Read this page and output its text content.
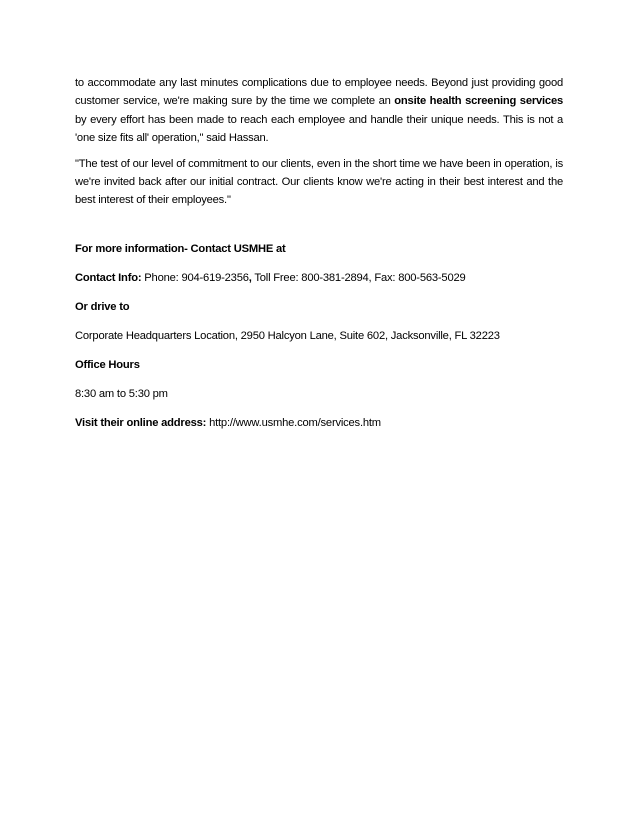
to accommodate any last minutes complications due to employee needs. Beyond just providing good customer service, we're making sure by the time we complete an onsite health screening services by every effort has been made to reach each employee and handle their unique needs. This is not a 'one size fits all' operation," said Hassan.

"The test of our level of commitment to our clients, even in the short time we have been in operation, is we're invited back after our initial contract. Our clients know we're acting in their best interest and the best interest of their employees."

For more information- Contact USMHE at

Contact Info: Phone: 904-619-2356, Toll Free: 800-381-2894, Fax: 800-563-5029

Or drive to

Corporate Headquarters Location, 2950 Halcyon Lane, Suite 602, Jacksonville, FL 32223

Office Hours

8:30 am to 5:30 pm

Visit their online address: http://www.usmhe.com/services.htm
